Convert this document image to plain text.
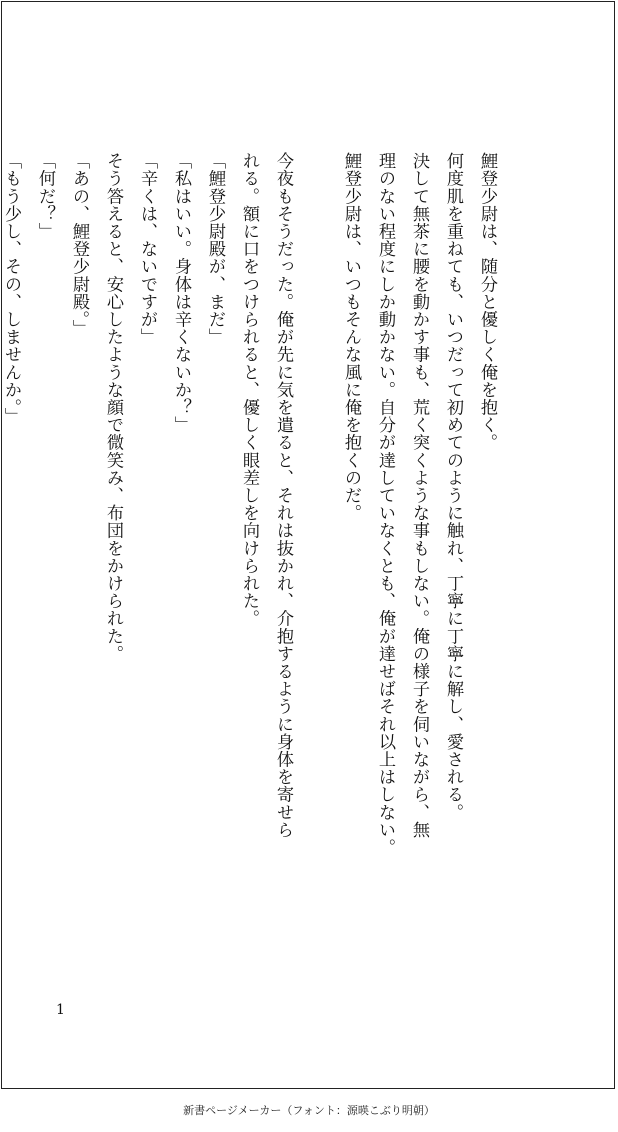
鯉登少尉は、随分と優しく俺を抱く。
何度肌を重ねても、いつだって初めてのように触れ、丁寧に丁寧に解し、愛される。
決して無茶に腰を動かす事も、荒く突くような事もしない。俺の様子を伺いながら、無
理のない程度にしか動かない。自分が達していなくとも、俺が達せばそれ以上はしない。
鯉登少尉は、いつもそんな風に俺を抱くのだ。
今夜もそうだった。俺が先に気を遣ると、それは抜かれ、介抱するように身体を寄せら
れる。額に口をつけられると、優しく眼差しを向けられた。
「鯉登少尉殿が、まだ」
「私はいい。身体は辛くないか？」
「辛くは、ないですが」
そう答えると、安心したような顔で微笑み、布団をかけられた。
「あの、鯉登少尉殿。」
「何だ？」
「もう少し、その、しませんか。」
1
新書ページメーカー（フォント：源暎こぶり明朝）
